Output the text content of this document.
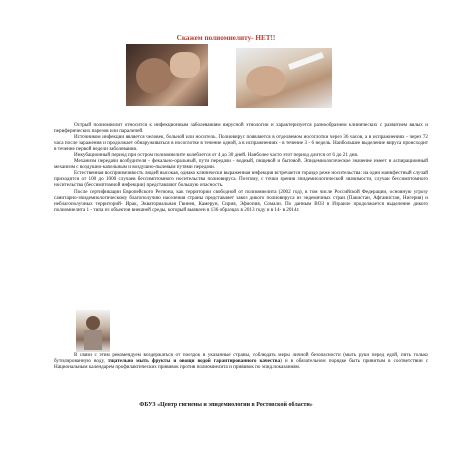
Скажем полиомиелиту- НЕТ!!

Острый полиомиелит относится к инфекционным заболеваниям вирусной этиологии и характеризуется разнообразием клинических с развитием вялых и периферических парезов или параличей.

Источником инфекции является человек, больной или носитель. Полиовирус появляется в отделяемом носоглотки через 36 часов, а в испражнениях - через 72 часа после заражения и продолжает обнаруживаться в носоглотке в течение одной, а в испражнениях - в течение 3 - 6 недель. Наибольшее выделение вируса происходит в течение первой недели заболевания.

Инкубационный период при остром полиомиелите колеблется от 4 до 30 дней. Наиболее часто этот период длится от 6 до 21 дня.

Механизм передачи возбудителя - фекально-оральный, пути передачи - водный, пищевой и бытовой. Эпидемиологическое значение имеет и аспирационный механизм с воздушно-капельным и воздушно-пылевым путями передачи.

Естественная восприимчивость людей высокая, однако клинически выраженная инфекция встречается гораздо реже носительства: на один манифестный случай приходится от 100 до 1000 случаев бессимптомного носительства полиовируса. Поэтому, с точки зрения эпидемиологической значимости, случаи бессимптомного носительства (бессимптомной инфекции) представляют большую опасность.

После сертификации Европейского Региона, как территории свободной от полиомиелита (2002 год), в том числе Российской Федерации, основную угрозу санитарно-эпидемиологическому благополучию населения страны представляет завоз дикого полиовируса из эндемичных стран (Пакистан, Афганистан, Нигерия) и неблагополучных территорий- Ирак, Экваториальная Гвинея, Камерун, Сирия, Эфиопия, Сомали. По данным ВОЗ в Израиле продолжается выделение дикого полиомиелита 1 - типа из объектов внешней среды, который выявлен в 136 образцах в 2013 году и в 14- в 2014г.

В связи с этим рекомендуем воздержаться от поездок в указанные страны, соблюдать меры личной безопасности (мыть руки перед едой, пить только бутилированную воду, тщательно мыть фрукты и овощи водой гарантированного качества) и в обязательном порядке быть привитым в соответствии с Национальным календарем профилактических прививок против полиомиелита и прививок по эпид.показаниям.

ФБУЗ «Центр гигиены и эпидемиологии в Ростовской области»
